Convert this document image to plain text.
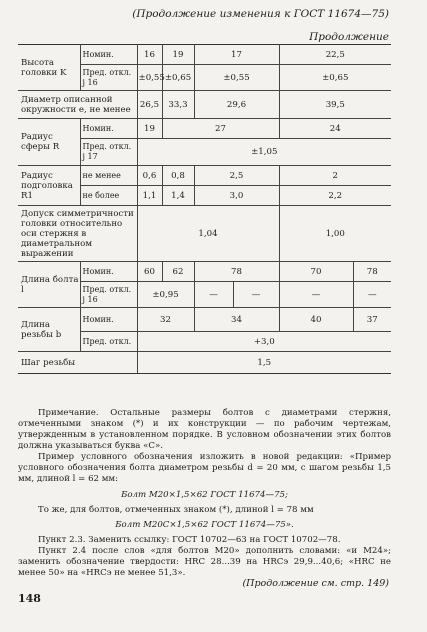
(Продолжение изменения к ГОСТ 11674—75)
Продолжение
Высота головки K	Номин.	16	19	17		22,5	
	Пред. откл. j 16	±0,55	±0,65	±0,55		±0,65	
Диаметр описанной окружности e, не менее		26,5	33,3	29,6		39,5	
Радиус сферы R	Номин.	19	27			24	
	Пред. откл. j 17	±1,05					
Радиус подголовка R1	не менее	0,6	0,8	2,5		2	
	не более	1,1	1,4	3,0		2,2	
Допуск симметричности головки относительно оси стержня в диаметральном выражении		1,04				1,00	
Длина болта l	Номин.	60	62	78		70	78
	Пред. откл. j 16	±0,95		—	—	—	—
Длина резьбы b	Номин.	32		34		40	37
	Пред. откл.	+3,0					
Шаг резьбы		1,5					
Примечание. Остальные размеры болтов с диаметрами стержня, отмеченными знаком (*) и их конструкции — по рабочим чертежам, утвержденным в установленном порядке. В условном обозначении этих болтов должна указываться буква «С».
Пример условного обозначения изложить в новой редакции: «Пример условного обозначения болта диаметром резьбы d = 20 мм, с шагом резьбы 1,5 мм, длиной l = 62 мм:
Болт М20×1,5×62 ГОСТ 11674—75;
То же, для болтов, отмеченных знаком (*), длиной l = 78 мм
Болт М20С×1,5×62 ГОСТ 11674—75».
Пункт 2.3. Заменить ссылку: ГОСТ 10702—63 на ГОСТ 10702—78.
Пункт 2.4 после слов «для болтов М20» дополнить словами: «и М24»; заменить обозначение твердости: HRC 28...39 на HRCэ 29,9...40,6; «HRC не менее 50» на «HRCэ не менее 51,3».
(Продолжение см. стр. 149)
148
